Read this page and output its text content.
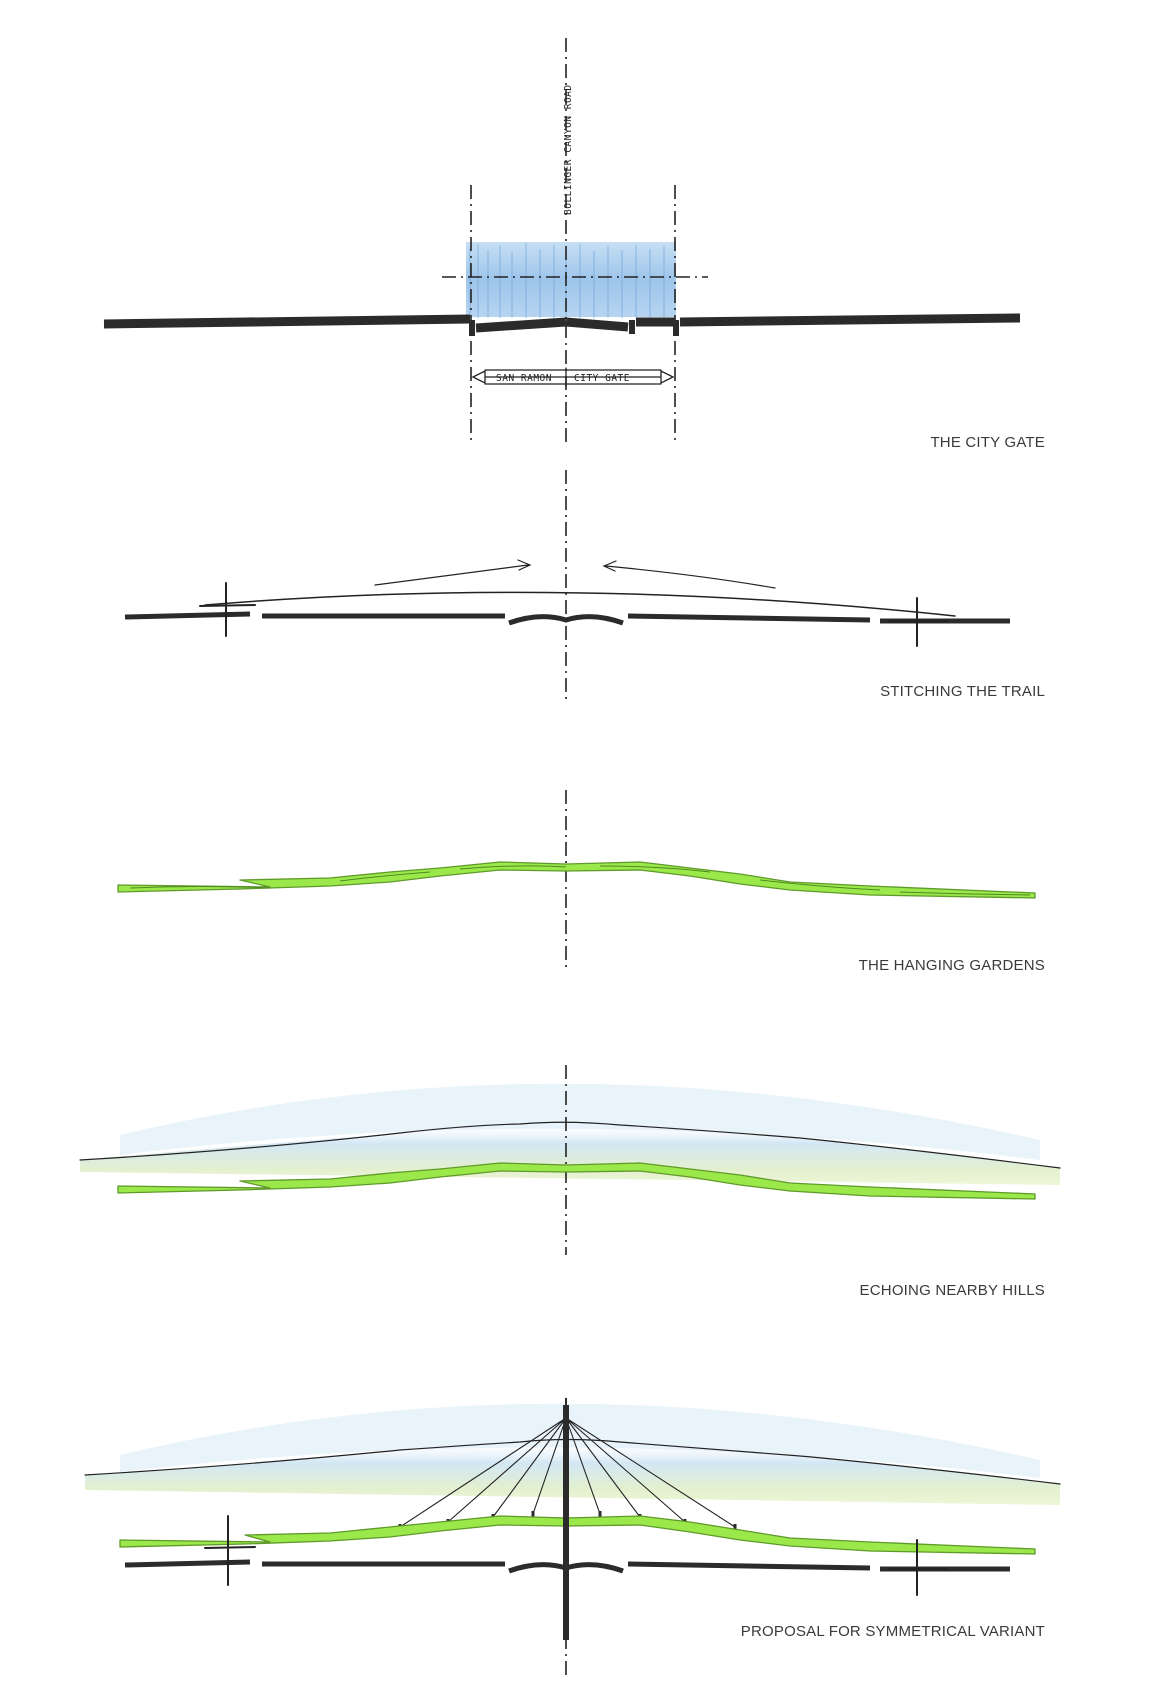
BOLLINGER CANYON ROAD
SAN RAMON CITY GATE

THE CITY GATE

STITCHING THE TRAIL

THE HANGING GARDENS

ECHOING NEARBY HILLS

PROPOSAL FOR SYMMETRICAL VARIANT
